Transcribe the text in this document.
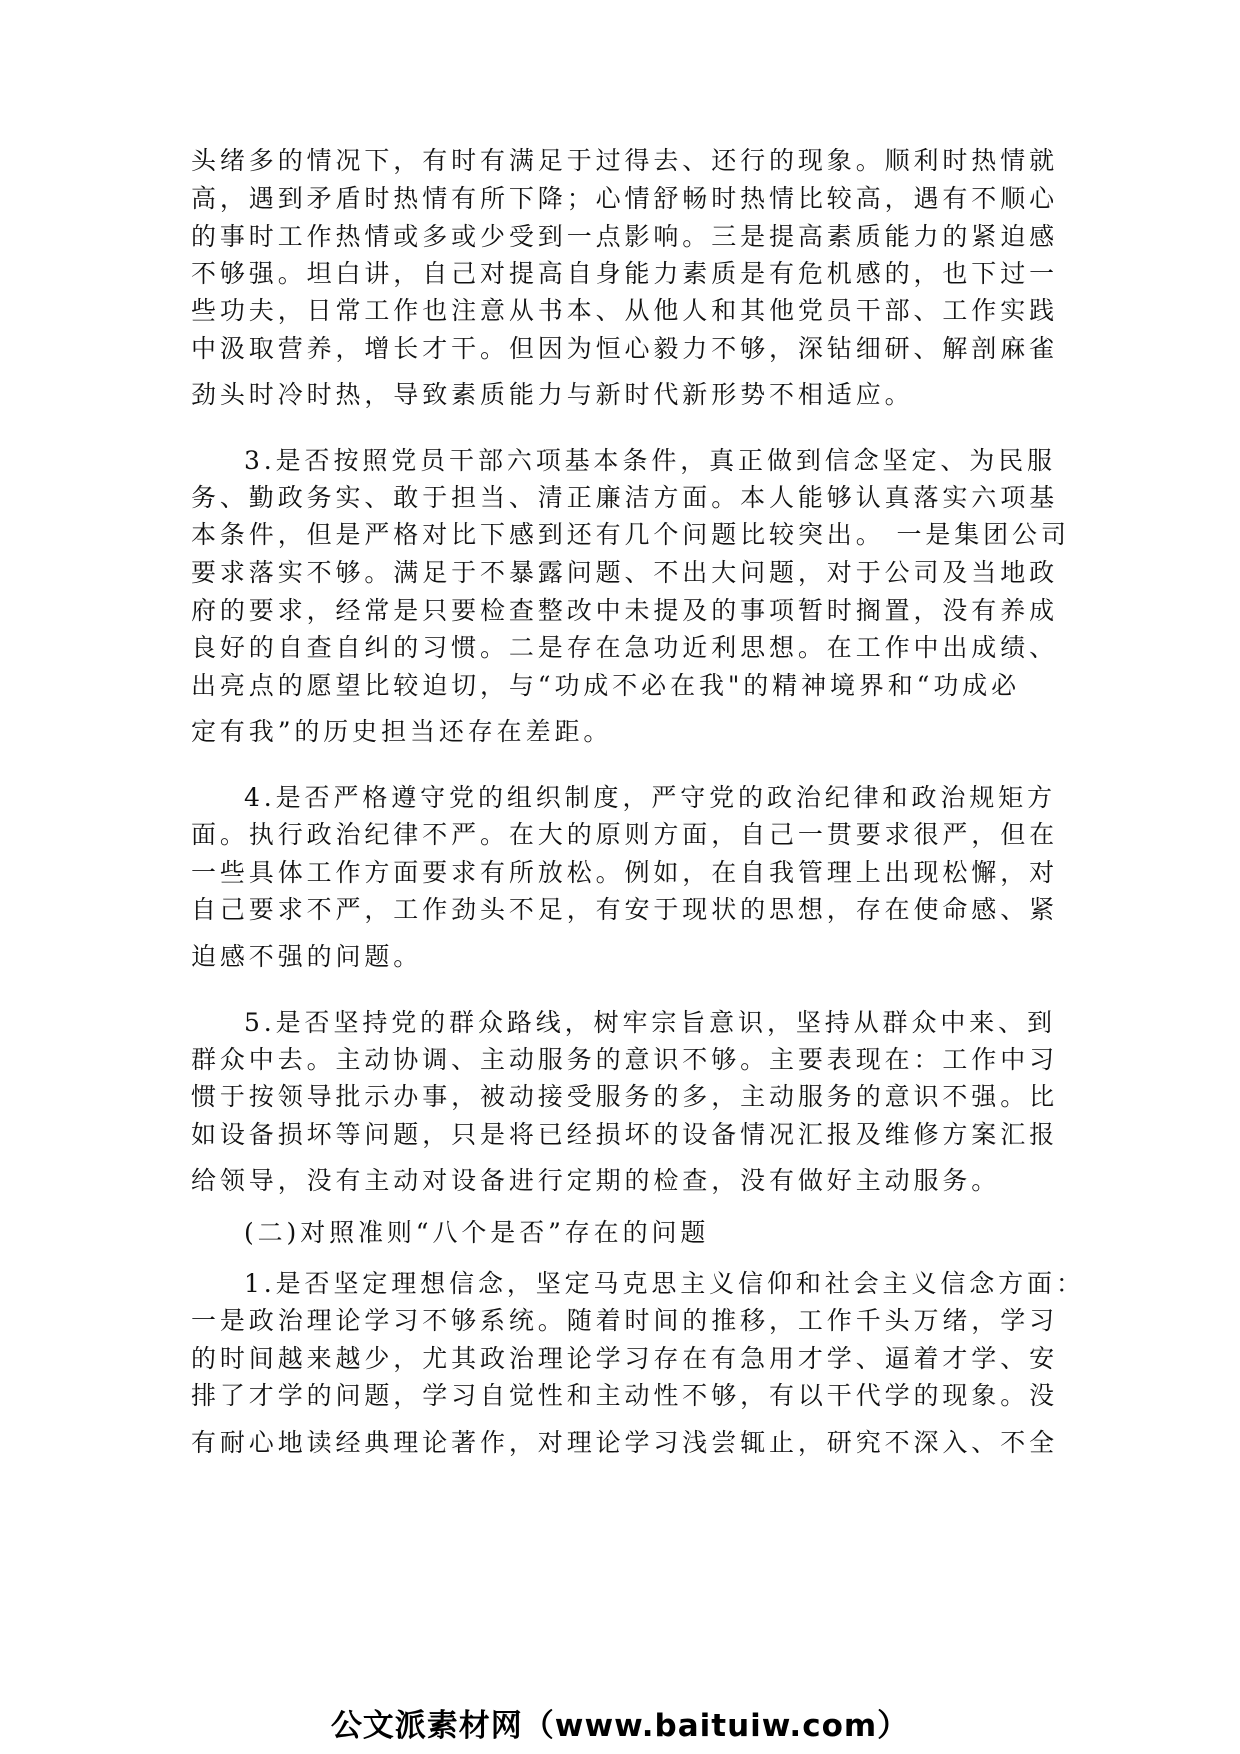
头绪多的情况下，有时有满足于过得去、还行的现象。顺利时热情就
高，遇到矛盾时热情有所下降；心情舒畅时热情比较高，遇有不顺心
的事时工作热情或多或少受到一点影响。三是提高素质能力的紧迫感
不够强。坦白讲，自己对提高自身能力素质是有危机感的，也下过一
些功夫，日常工作也注意从书本、从他人和其他党员干部、工作实践
中汲取营养，增长才干。但因为恒心毅力不够，深钻细研、解剖麻雀
劲头时冷时热，导致素质能力与新时代新形势不相适应。
3.是否按照党员干部六项基本条件，真正做到信念坚定、为民服
务、勤政务实、敢于担当、清正廉洁方面。本人能够认真落实六项基
本条件，但是严格对比下感到还有几个问题比较突出。 一是集团公司
要求落实不够。满足于不暴露问题、不出大问题，对于公司及当地政
府的要求，经常是只要检查整改中未提及的事项暂时搁置，没有养成
良好的自查自纠的习惯。二是存在急功近利思想。在工作中出成绩、
出亮点的愿望比较迫切，与“功成不必在我"的精神境界和“功成必
定有我”的历史担当还存在差距。
4.是否严格遵守党的组织制度，严守党的政治纪律和政治规矩方
面。执行政治纪律不严。在大的原则方面，自己一贯要求很严，但在
一些具体工作方面要求有所放松。例如，在自我管理上出现松懈，对
自己要求不严，工作劲头不足，有安于现状的思想，存在使命感、紧
迫感不强的问题。
5.是否坚持党的群众路线，树牢宗旨意识，坚持从群众中来、到
群众中去。主动协调、主动服务的意识不够。主要表现在：工作中习
惯于按领导批示办事，被动接受服务的多，主动服务的意识不强。比
如设备损坏等问题，只是将已经损坏的设备情况汇报及维修方案汇报
给领导，没有主动对设备进行定期的检查，没有做好主动服务。
(二)对照准则“八个是否”存在的问题
1.是否坚定理想信念，坚定马克思主义信仰和社会主义信念方面：
一是政治理论学习不够系统。随着时间的推移，工作千头万绪，学习
的时间越来越少，尤其政治理论学习存在有急用才学、逼着才学、安
排了才学的问题，学习自觉性和主动性不够，有以干代学的现象。没
有耐心地读经典理论著作，对理论学习浅尝辄止，研究不深入、不全
公文派素材网（www.baituiw.com）
